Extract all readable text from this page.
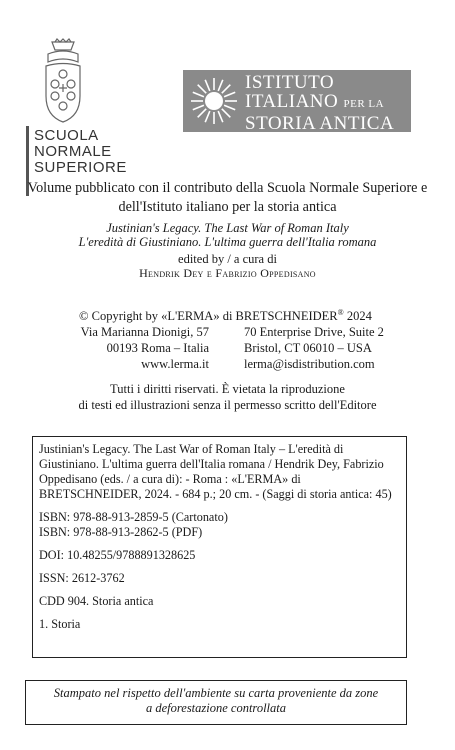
SCUOLA
NORMALE
SUPERIORE
ISTITUTO
ITALIANO PER LA
STORIA ANTICA
Volume pubblicato con il contributo della Scuola Normale Superiore e
dell'Istituto italiano per la storia antica
Justinian's Legacy. The Last War of Roman Italy
L'eredità di Giustiniano. L'ultima guerra dell'Italia romana
edited by / a cura di
Hendrik Dey e Fabrizio Oppedisano
© Copyright by «L'ERMA» di BRETSCHNEIDER® 2024
Via Marianna Dionigi, 57
00193 Roma – Italia
www.lerma.it
70 Enterprise Drive, Suite 2
Bristol, CT 06010 – USA
lerma@isdistribution.com
Tutti i diritti riservati. È vietata la riproduzione
di testi ed illustrazioni senza il permesso scritto dell'Editore

Justinian's Legacy. The Last War of Roman Italy – L'eredità di Giustiniano. L'ultima guerra dell'Italia romana / Hendrik Dey, Fabrizio Oppedisano (eds. / a cura di): - Roma : «L'ERMA» di BRETSCHNEIDER, 2024. - 684 p.; 20 cm. - (Saggi di storia antica: 45)

ISBN: 978-88-913-2859-5 (Cartonato)

ISBN: 978-88-913-2862-5 (PDF)

DOI: 10.48255/9788891328625

ISSN: 2612-3762

CDD 904. Storia antica

1. Storia

Stampato nel rispetto dell'ambiente su carta proveniente da zone
a deforestazione controllata
